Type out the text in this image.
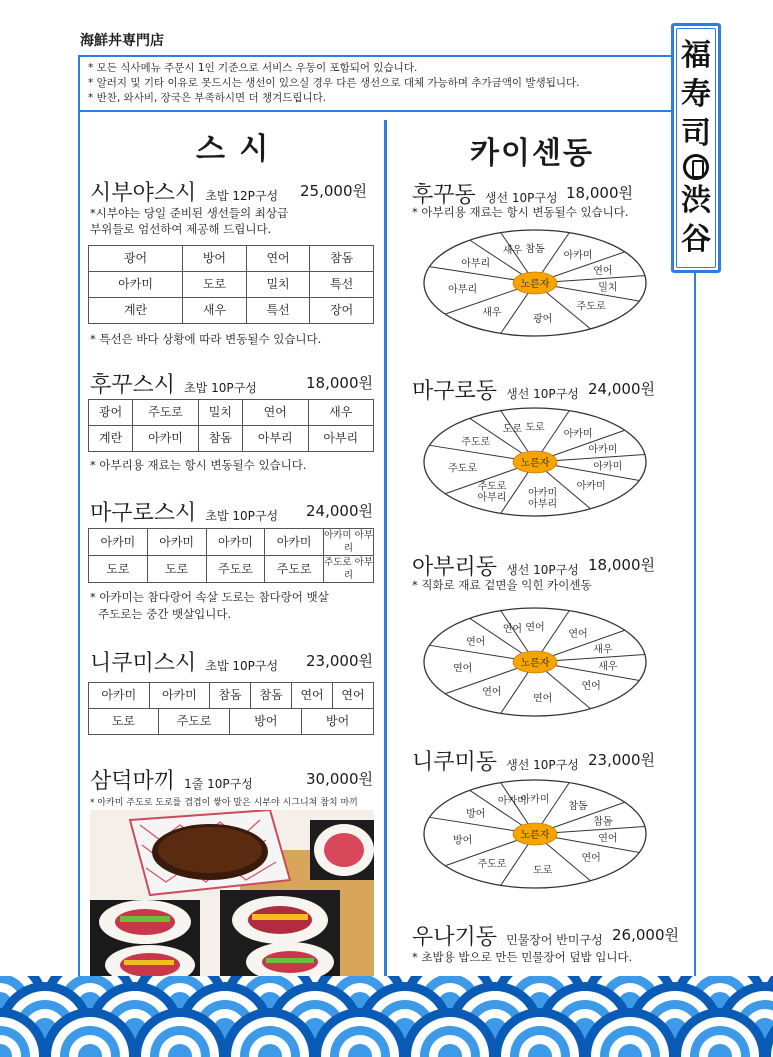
海鮮丼専門店
* 모든 식사메뉴 주문시 1인 기준으로 서비스 우동이 포함되어 있습니다.
* 알러지 및 기타 이유로 못드시는 생선이 있으실 경우 다른 생선으로 대체 가능하며 추가금액이 발생됩니다.
* 반찬, 와사비, 장국은 부족하시면 더 챙겨드립니다.
福
寿
司
渋
谷
스 시
시부야스시 초밥 12P구성 25,000원
*시부야는 당일 준비된 생선들의 최상급
부위들로 엄선하여 제공해 드립니다.
광어	방어	연어	참돔
아카미	도로	밀치	특선
계란	새우	특선	장어
* 특선은 바다 상황에 따라 변동될수 있습니다.
후꾸스시 초밥 10P구성	18,000원
광어	주도로	밀치	연어	새우
계란	아카미	참돔	아부리	아부리
* 아부리용 재료는 항시 변동될수 있습니다.
마구로스시 초밥 10P구성 24,000원
아카미	아카미	아카미	아카미	아카미 아부리
도로	도로	주도로	주도로	주도로 아부리
* 아카미는 참다랑어 속살 도로는 참다랑어 뱃살
주도로는 중간 뱃살입니다.
니쿠미스시 초밥 10P구성 23,000원
아카미	아카미	참돔	참돔	연어	연어
도로	주도로	방어	방어
삼덕마끼 1줄 10P구성	30,000원
* 아카미 주도로 도로를 겹겹이 쌓아 말은 시부야 시그니쳐 참치 마끼
카이센동
후꾸동 생선 10P구성 18,000원
* 아부리용 재료는 항시 변동될수 있습니다.
참돔
아카미
연어
밀치
주도로
광어
새우
아부리
아부리
새우
노른자
마구로동 생선 10P구성 24,000원
도로
아카미
아카미
아카미
아카미
아카미
아부리
주도로
아부리
주도로
주도로
도로
노른자
아부리동 생선 10P구성 18,000원
* 직화로 재료 겉면을 익힌 카이센동
연어
연어
새우
새우
연어
연어
연어
연어
연어
연어
노른자
니쿠미동 생선 10P구성 23,000원
아카미
참돔
참돔
연어
연어
도로
주도로
방어
방어
아카미
노른자
우나기동 민물장어 반미구성 26,000원
* 초밥용 밥으로 만든 민물장어 덮밥 입니다.
